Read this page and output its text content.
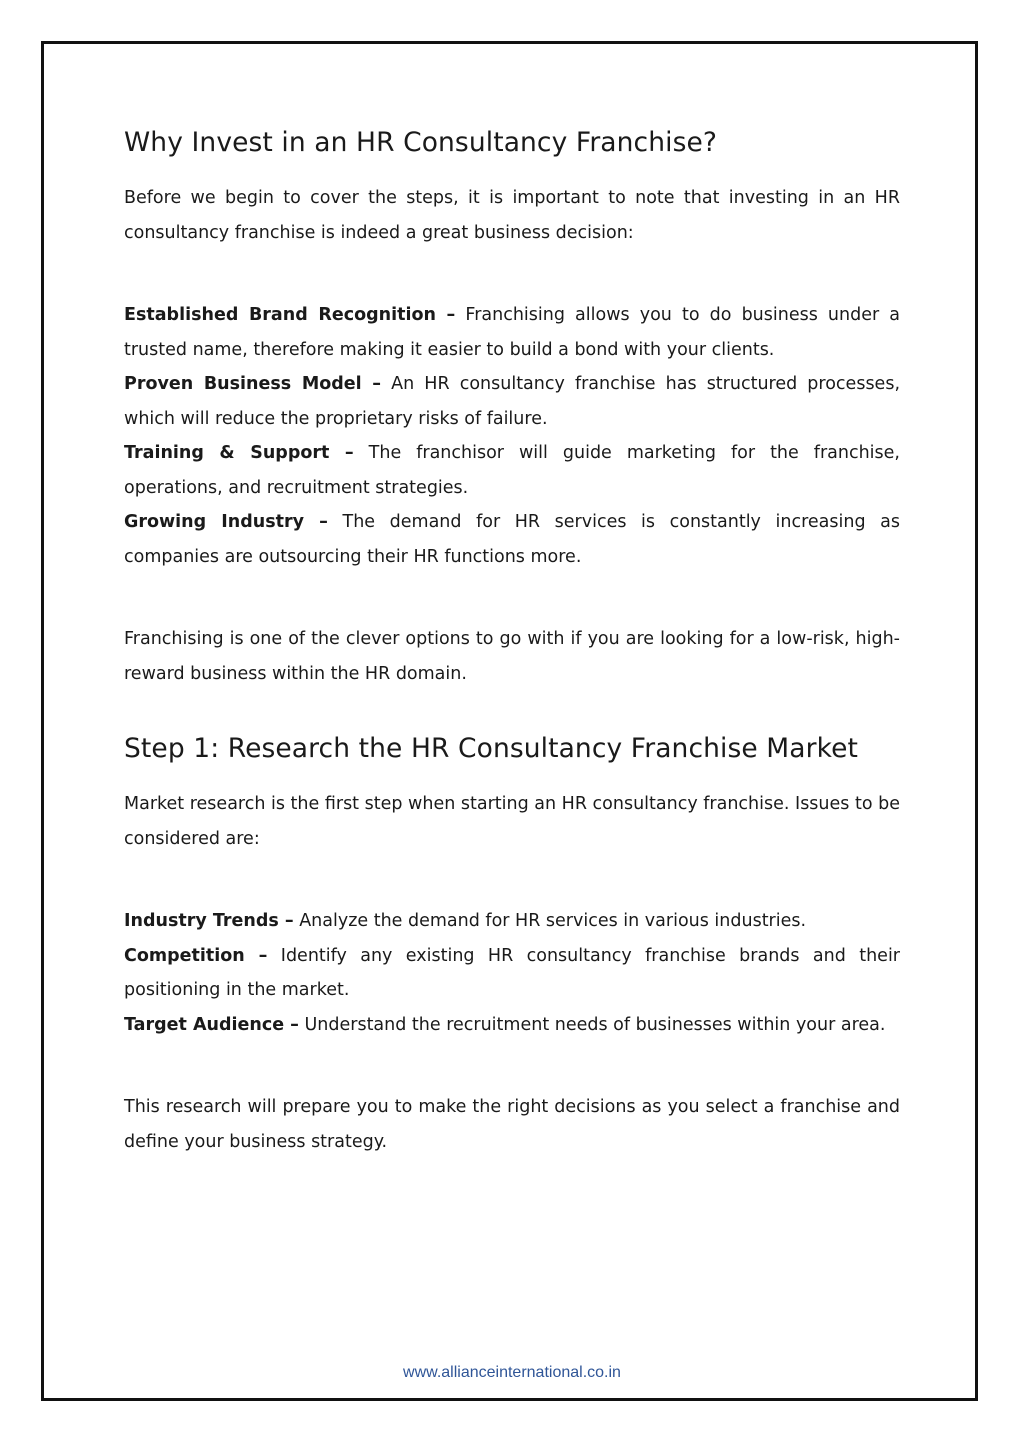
Why Invest in an HR Consultancy Franchise?

Before we begin to cover the steps, it is important to note that investing in an HR consultancy franchise is indeed a great business decision:

Established Brand Recognition – Franchising allows you to do business under a trusted name, therefore making it easier to build a bond with your clients.

Proven Business Model – An HR consultancy franchise has structured processes, which will reduce the proprietary risks of failure.

Training & Support – The franchisor will guide marketing for the franchise, operations, and recruitment strategies.

Growing Industry – The demand for HR services is constantly increasing as companies are outsourcing their HR functions more.

Franchising is one of the clever options to go with if you are looking for a low-risk, high-reward business within the HR domain.

Step 1: Research the HR Consultancy Franchise Market

Market research is the first step when starting an HR consultancy franchise. Issues to be considered are:

Industry Trends – Analyze the demand for HR services in various industries.

Competition – Identify any existing HR consultancy franchise brands and their positioning in the market.

Target Audience – Understand the recruitment needs of businesses within your area.

This research will prepare you to make the right decisions as you select a franchise and define your business strategy.

www.allianceinternational.co.in
